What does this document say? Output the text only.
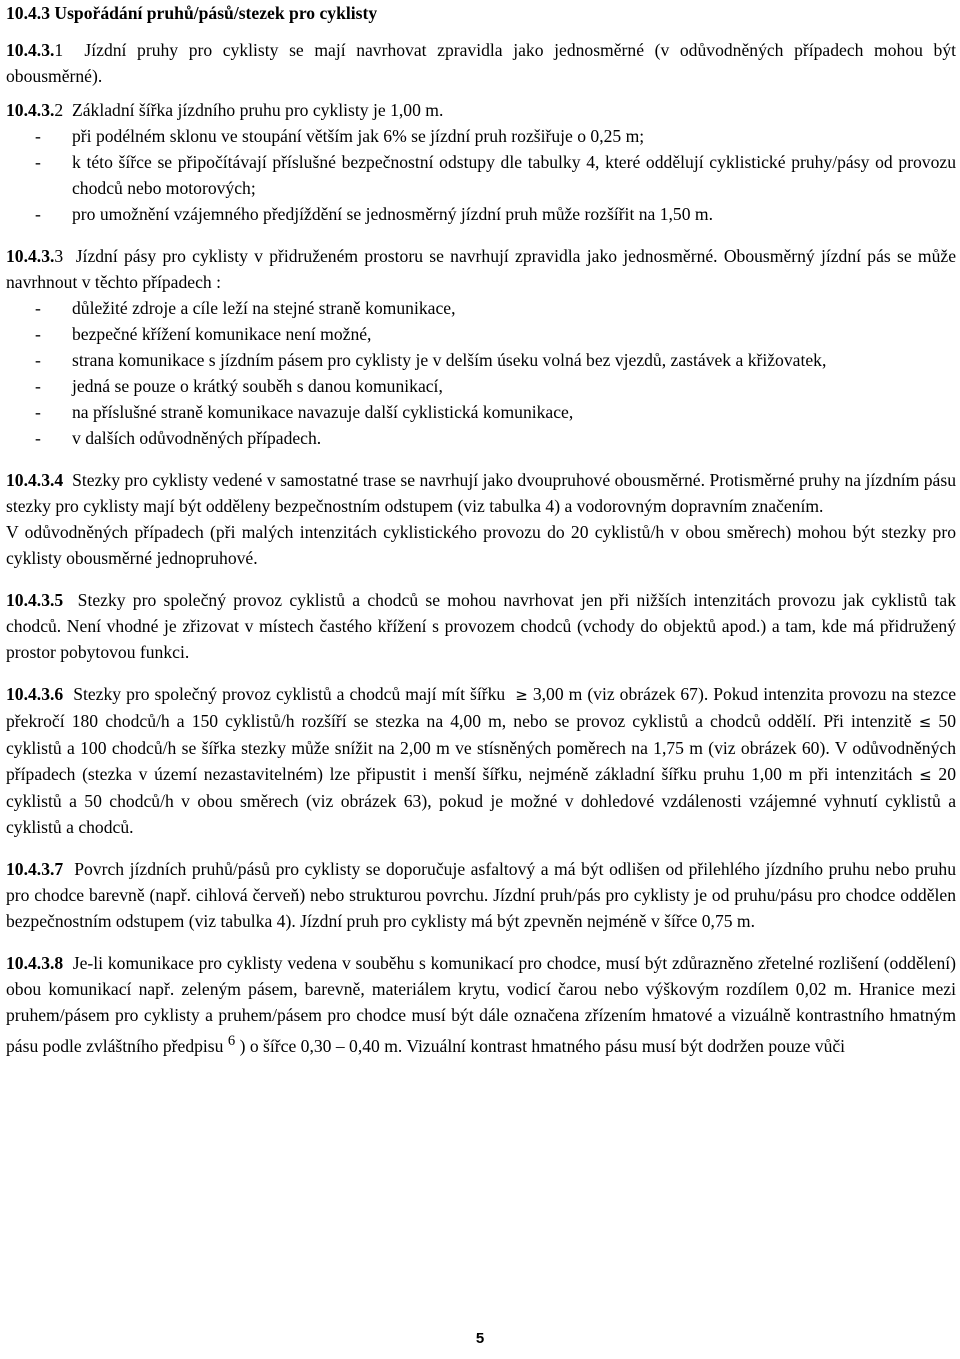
10.4.3 Uspořádání pruhů/pásů/stezek pro cyklisty

10.4.3.1 Jízdní pruhy pro cyklisty se mají navrhovat zpravidla jako jednosměrné (v odůvodněných případech mohou být obousměrné).

10.4.3.2 Základní šířka jízdního pruhu pro cyklisty je 1,00 m.

- při podélném sklonu ve stoupání větším jak 6% se jízdní pruh rozšiřuje o 0,25 m;
- k této šířce se připočítávají příslušné bezpečnostní odstupy dle tabulky 4, které oddělují cyklistické pruhy/pásy od provozu chodců nebo motorových;
- pro umožnění vzájemného předjíždění se jednosměrný jízdní pruh může rozšířit na 1,50 m.

10.4.3.3 Jízdní pásy pro cyklisty v přidruženém prostoru se navrhují zpravidla jako jednosměrné. Obousměrný jízdní pás se může navrhnout v těchto případech :

- důležité zdroje a cíle leží na stejné straně komunikace,
- bezpečné křížení komunikace není možné,
- strana komunikace s jízdním pásem pro cyklisty je v delším úseku volná bez vjezdů, zastávek a křižovatek,
- jedná se pouze o krátký souběh s danou komunikací,
- na příslušné straně komunikace navazuje další cyklistická komunikace,
- v dalších odůvodněných případech.

10.4.3.4 Stezky pro cyklisty vedené v samostatné trase se navrhují jako dvoupruhové obousměrné. Protisměrné pruhy na jízdním pásu stezky pro cyklisty mají být odděleny bezpečnostním odstupem (viz tabulka 4) a vodorovným dopravním značením.

V odůvodněných případech (při malých intenzitách cyklistického provozu do 20 cyklistů/h v obou směrech) mohou být stezky pro cyklisty obousměrné jednopruhové.

10.4.3.5 Stezky pro společný provoz cyklistů a chodců se mohou navrhovat jen při nižších intenzitách provozu jak cyklistů tak chodců. Není vhodné je zřizovat v místech častého křížení s provozem chodců (vchody do objektů apod.) a tam, kde má přidružený prostor pobytovou funkci.

10.4.3.6 Stezky pro společný provoz cyklistů a chodců mají mít šířku ≥ 3,00 m (viz obrázek 67). Pokud intenzita provozu na stezce překročí 180 chodců/h a 150 cyklistů/h rozšíří se stezka na 4,00 m, nebo se provoz cyklistů a chodců oddělí. Při intenzitě ≤ 50 cyklistů a 100 chodců/h se šířka stezky může snížit na 2,00 m ve stísněných poměrech na 1,75 m (viz obrázek 60). V odůvodněných případech (stezka v území nezastavitelném) lze připustit i menší šířku, nejméně základní šířku pruhu 1,00 m při intenzitách ≤ 20 cyklistů a 50 chodců/h v obou směrech (viz obrázek 63), pokud je možné v dohledové vzdálenosti vzájemné vyhnutí cyklistů a cyklistů a chodců.

10.4.3.7 Povrch jízdních pruhů/pásů pro cyklisty se doporučuje asfaltový a má být odlišen od přilehlého jízdního pruhu nebo pruhu pro chodce barevně (např. cihlová červeň) nebo strukturou povrchu. Jízdní pruh/pás pro cyklisty je od pruhu/pásu pro chodce oddělen bezpečnostním odstupem (viz tabulka 4). Jízdní pruh pro cyklisty má být zpevněn nejméně v šířce 0,75 m.

10.4.3.8 Je-li komunikace pro cyklisty vedena v souběhu s komunikací pro chodce, musí být zdůrazněno zřetelné rozlišení (oddělení) obou komunikací např. zeleným pásem, barevně, materiálem krytu, vodicí čarou nebo výškovým rozdílem 0,02 m. Hranice mezi pruhem/pásem pro cyklisty a pruhem/pásem pro chodce musí být dále označena zřízením hmatové a vizuálně kontrastního hmatným pásu podle zvláštního předpisu $^6$ ) o šířce 0,30 – 0,40 m. Vizuální kontrast hmatného pásu musí být dodržen pouze vůči

5
